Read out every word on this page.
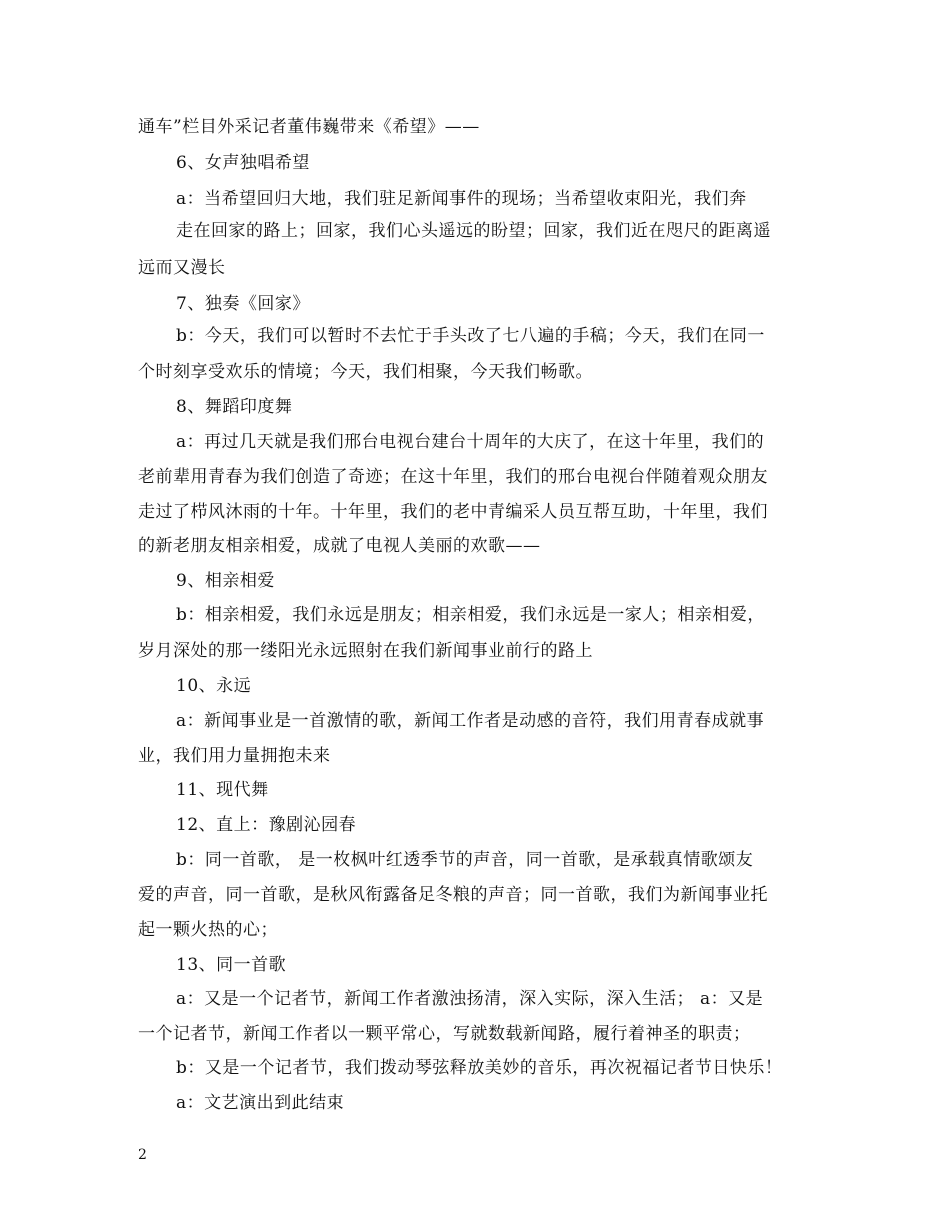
通车”栏目外采记者董伟巍带来《希望》——
6、女声独唱希望
a：当希望回归大地，我们驻足新闻事件的现场；当希望收束阳光，我们奔
走在回家的路上；回家，我们心头遥远的盼望；回家，我们近在咫尺的距离遥
远而又漫长
7、独奏《回家》
b：今天，我们可以暂时不去忙于手头改了七八遍的手稿；今天，我们在同一
个时刻享受欢乐的情境；今天，我们相聚，今天我们畅歌。
8、舞蹈印度舞
a：再过几天就是我们邢台电视台建台十周年的大庆了，在这十年里，我们的
老前辈用青春为我们创造了奇迹；在这十年里，我们的邢台电视台伴随着观众朋友
走过了栉风沐雨的十年。十年里，我们的老中青编采人员互帮互助，十年里，我们
的新老朋友相亲相爱，成就了电视人美丽的欢歌——
9、相亲相爱
b：相亲相爱，我们永远是朋友；相亲相爱，我们永远是一家人；相亲相爱，
岁月深处的那一缕阳光永远照射在我们新闻事业前行的路上
10、永远
a：新闻事业是一首激情的歌，新闻工作者是动感的音符，我们用青春成就事
业，我们用力量拥抱未来
11、现代舞
12、直上：豫剧沁园春
b：同一首歌， 是一枚枫叶红透季节的声音，同一首歌，是承载真情歌颂友
爱的声音，同一首歌，是秋风衔露备足冬粮的声音；同一首歌，我们为新闻事业托
起一颗火热的心；
13、同一首歌
a：又是一个记者节，新闻工作者激浊扬清，深入实际，深入生活； a：又是
一个记者节，新闻工作者以一颗平常心，写就数载新闻路，履行着神圣的职责；
b：又是一个记者节，我们拨动琴弦释放美妙的音乐，再次祝福记者节日快乐！
a：文艺演出到此结束
2
